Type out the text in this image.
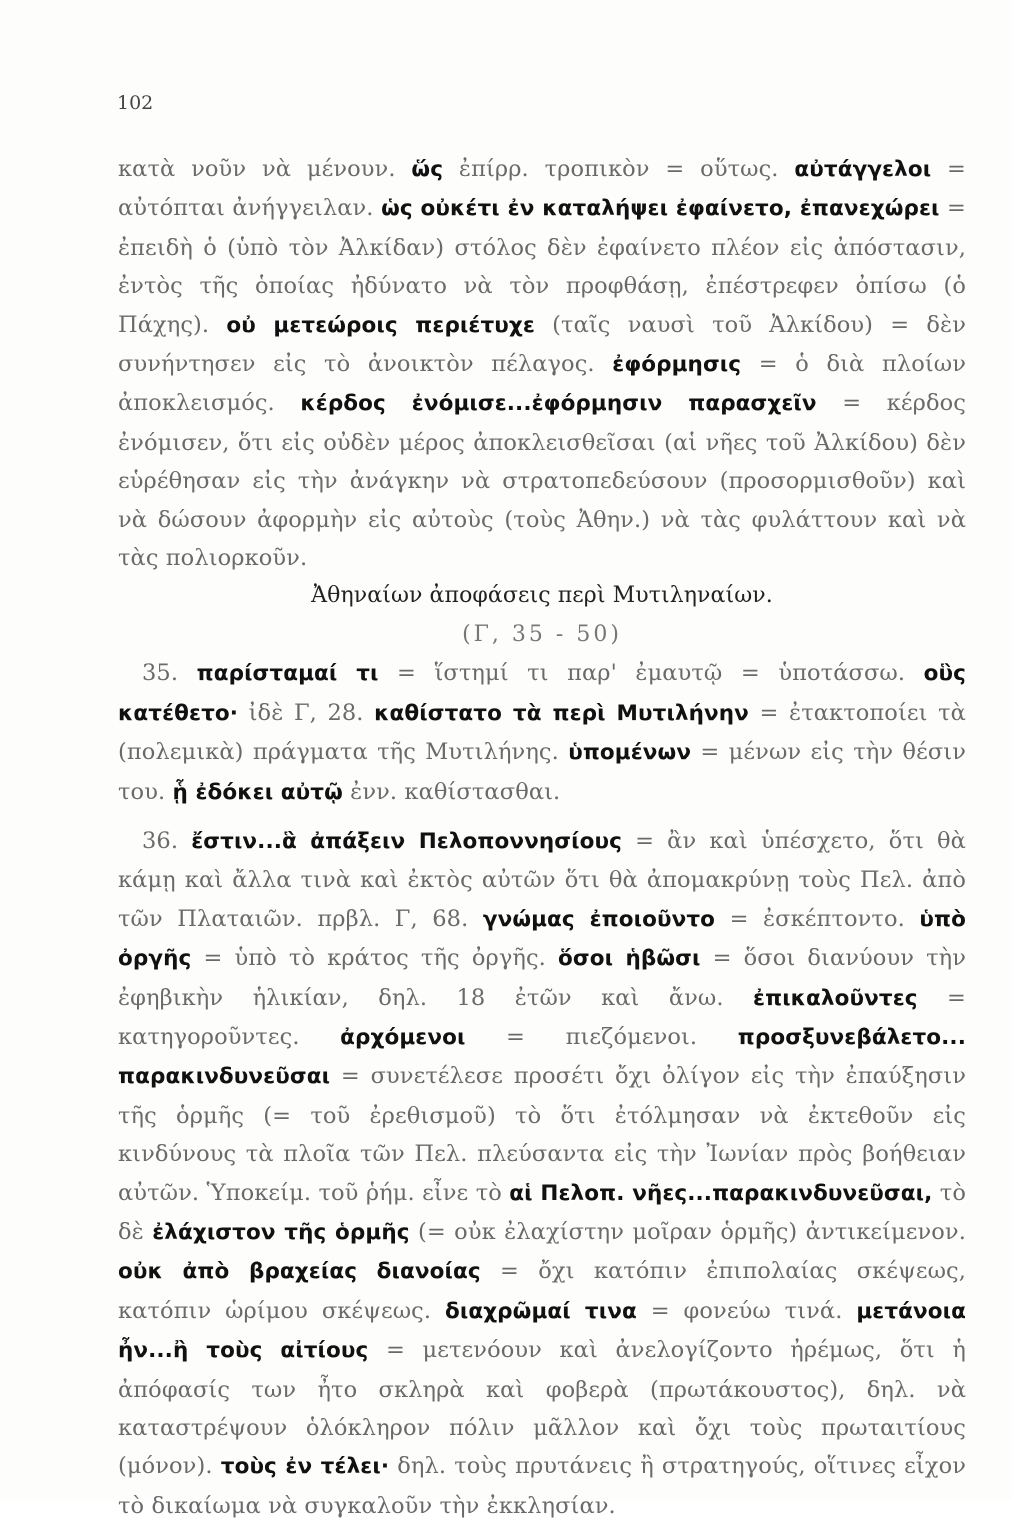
102

κατὰ νοῦν νὰ μένουν. ὥς ἐπίρρ. τροπικὸν = οὕτως. αὐτάγγελοι = αὐτόπται ἀνήγγειλαν. ὡς οὐκέτι ἐν καταλήψει ἐφαίνετο, ἐπανεχώρει = ἐπειδὴ ὁ (ὑπὸ τὸν Ἀλκίδαν) στόλος δὲν ἐφαίνετο πλέον εἰς ἀπόστασιν, ἐντὸς τῆς ὁποίας ἠδύνατο νὰ τὸν προφθάσῃ, ἐπέστρεφεν ὀπίσω (ὁ Πάχης). οὐ μετεώροις περιέτυχε (ταῖς ναυσὶ τοῦ Ἀλκίδου) = δὲν συνήντησεν εἰς τὸ ἀνοικτὸν πέλαγος. ἐφόρμησις = ὁ διὰ πλοίων ἀποκλεισμός. κέρδος ἐνόμισε...ἐφόρμησιν παρασχεῖν = κέρδος ἐνόμισεν, ὅτι εἰς οὐδὲν μέρος ἀποκλεισθεῖσαι (αἱ νῆες τοῦ Ἀλκίδου) δὲν εὑρέθησαν εἰς τὴν ἀνάγκην νὰ στρατοπεδεύσουν (προσορμισθοῦν) καὶ νὰ δώσουν ἀφορμὴν εἰς αὐτοὺς (τοὺς Ἀθην.) νὰ τὰς φυλάττουν καὶ νὰ τὰς πολιορκοῦν.

Ἀθηναίων ἀποφάσεις περὶ Μυτιληναίων.

(Γ, 35 - 50)

35. παρίσταμαί τι = ἵστημί τι παρ' ἐμαυτῷ = ὑποτάσσω. οὓς κατέθετο· ἰδὲ Γ, 28. καθίστατο τὰ περὶ Μυτιλήνην = ἐτακτοποίει τὰ (πολεμικὰ) πράγματα τῆς Μυτιλήνης. ὑπομένων = μένων εἰς τὴν θέσιν του. ᾗ ἐδόκει αὐτῷ ἐνν. καθίστασθαι.

36. ἔστιν...ἃ ἀπάξειν Πελοποννησίους = ἂν καὶ ὑπέσχετο, ὅτι θὰ κάμῃ καὶ ἄλλα τινὰ καὶ ἐκτὸς αὐτῶν ὅτι θὰ ἀπομακρύνῃ τοὺς Πελ. ἀπὸ τῶν Πλαταιῶν. πρβλ. Γ, 68. γνώμας ἐποιοῦντο = ἐσκέπτοντο. ὑπὸ ὀργῆς = ὑπὸ τὸ κράτος τῆς ὀργῆς. ὅσοι ἡβῶσι = ὅσοι διανύουν τὴν ἐφηβικὴν ἡλικίαν, δηλ. 18 ἐτῶν καὶ ἄνω. ἐπικαλοῦντες = κατηγοροῦντες. ἀρχόμενοι = πιεζόμενοι. προσξυνεβάλετο... παρακινδυνεῦσαι = συνετέλεσε προσέτι ὄχι ὀλίγον εἰς τὴν ἐπαύξησιν τῆς ὁρμῆς (= τοῦ ἐρεθισμοῦ) τὸ ὅτι ἐτόλμησαν νὰ ἐκτεθοῦν εἰς κινδύνους τὰ πλοῖα τῶν Πελ. πλεύσαντα εἰς τὴν Ἰωνίαν πρὸς βοήθειαν αὐτῶν. Ὑποκείμ. τοῦ ῥήμ. εἶνε τὸ αἱ Πελοπ. νῆες...παρακινδυνεῦσαι, τὸ δὲ ἐλάχιστον τῆς ὁρμῆς (= οὐκ ἐλαχίστην μοῖραν ὁρμῆς) ἀντικείμενον. οὐκ ἀπὸ βραχείας διανοίας = ὄχι κατόπιν ἐπιπολαίας σκέψεως, κατόπιν ὡρίμου σκέψεως. διαχρῶμαί τινα = φονεύω τινά. μετάνοια ἦν...ἢ τοὺς αἰτίους = μετενόουν καὶ ἀνελογίζοντο ἠρέμως, ὅτι ἡ ἀπόφασίς των ἦτο σκληρὰ καὶ φοβερὰ (πρωτάκουστος), δηλ. νὰ καταστρέψουν ὁλόκληρον πόλιν μᾶλλον καὶ ὄχι τοὺς πρωταιτίους (μόνον). τοὺς ἐν τέλει· δηλ. τοὺς πρυτάνεις ἢ στρατηγούς, οἵτινες εἶχον τὸ δικαίωμα νὰ συγκαλοῦν τὴν ἐκκλησίαν.
